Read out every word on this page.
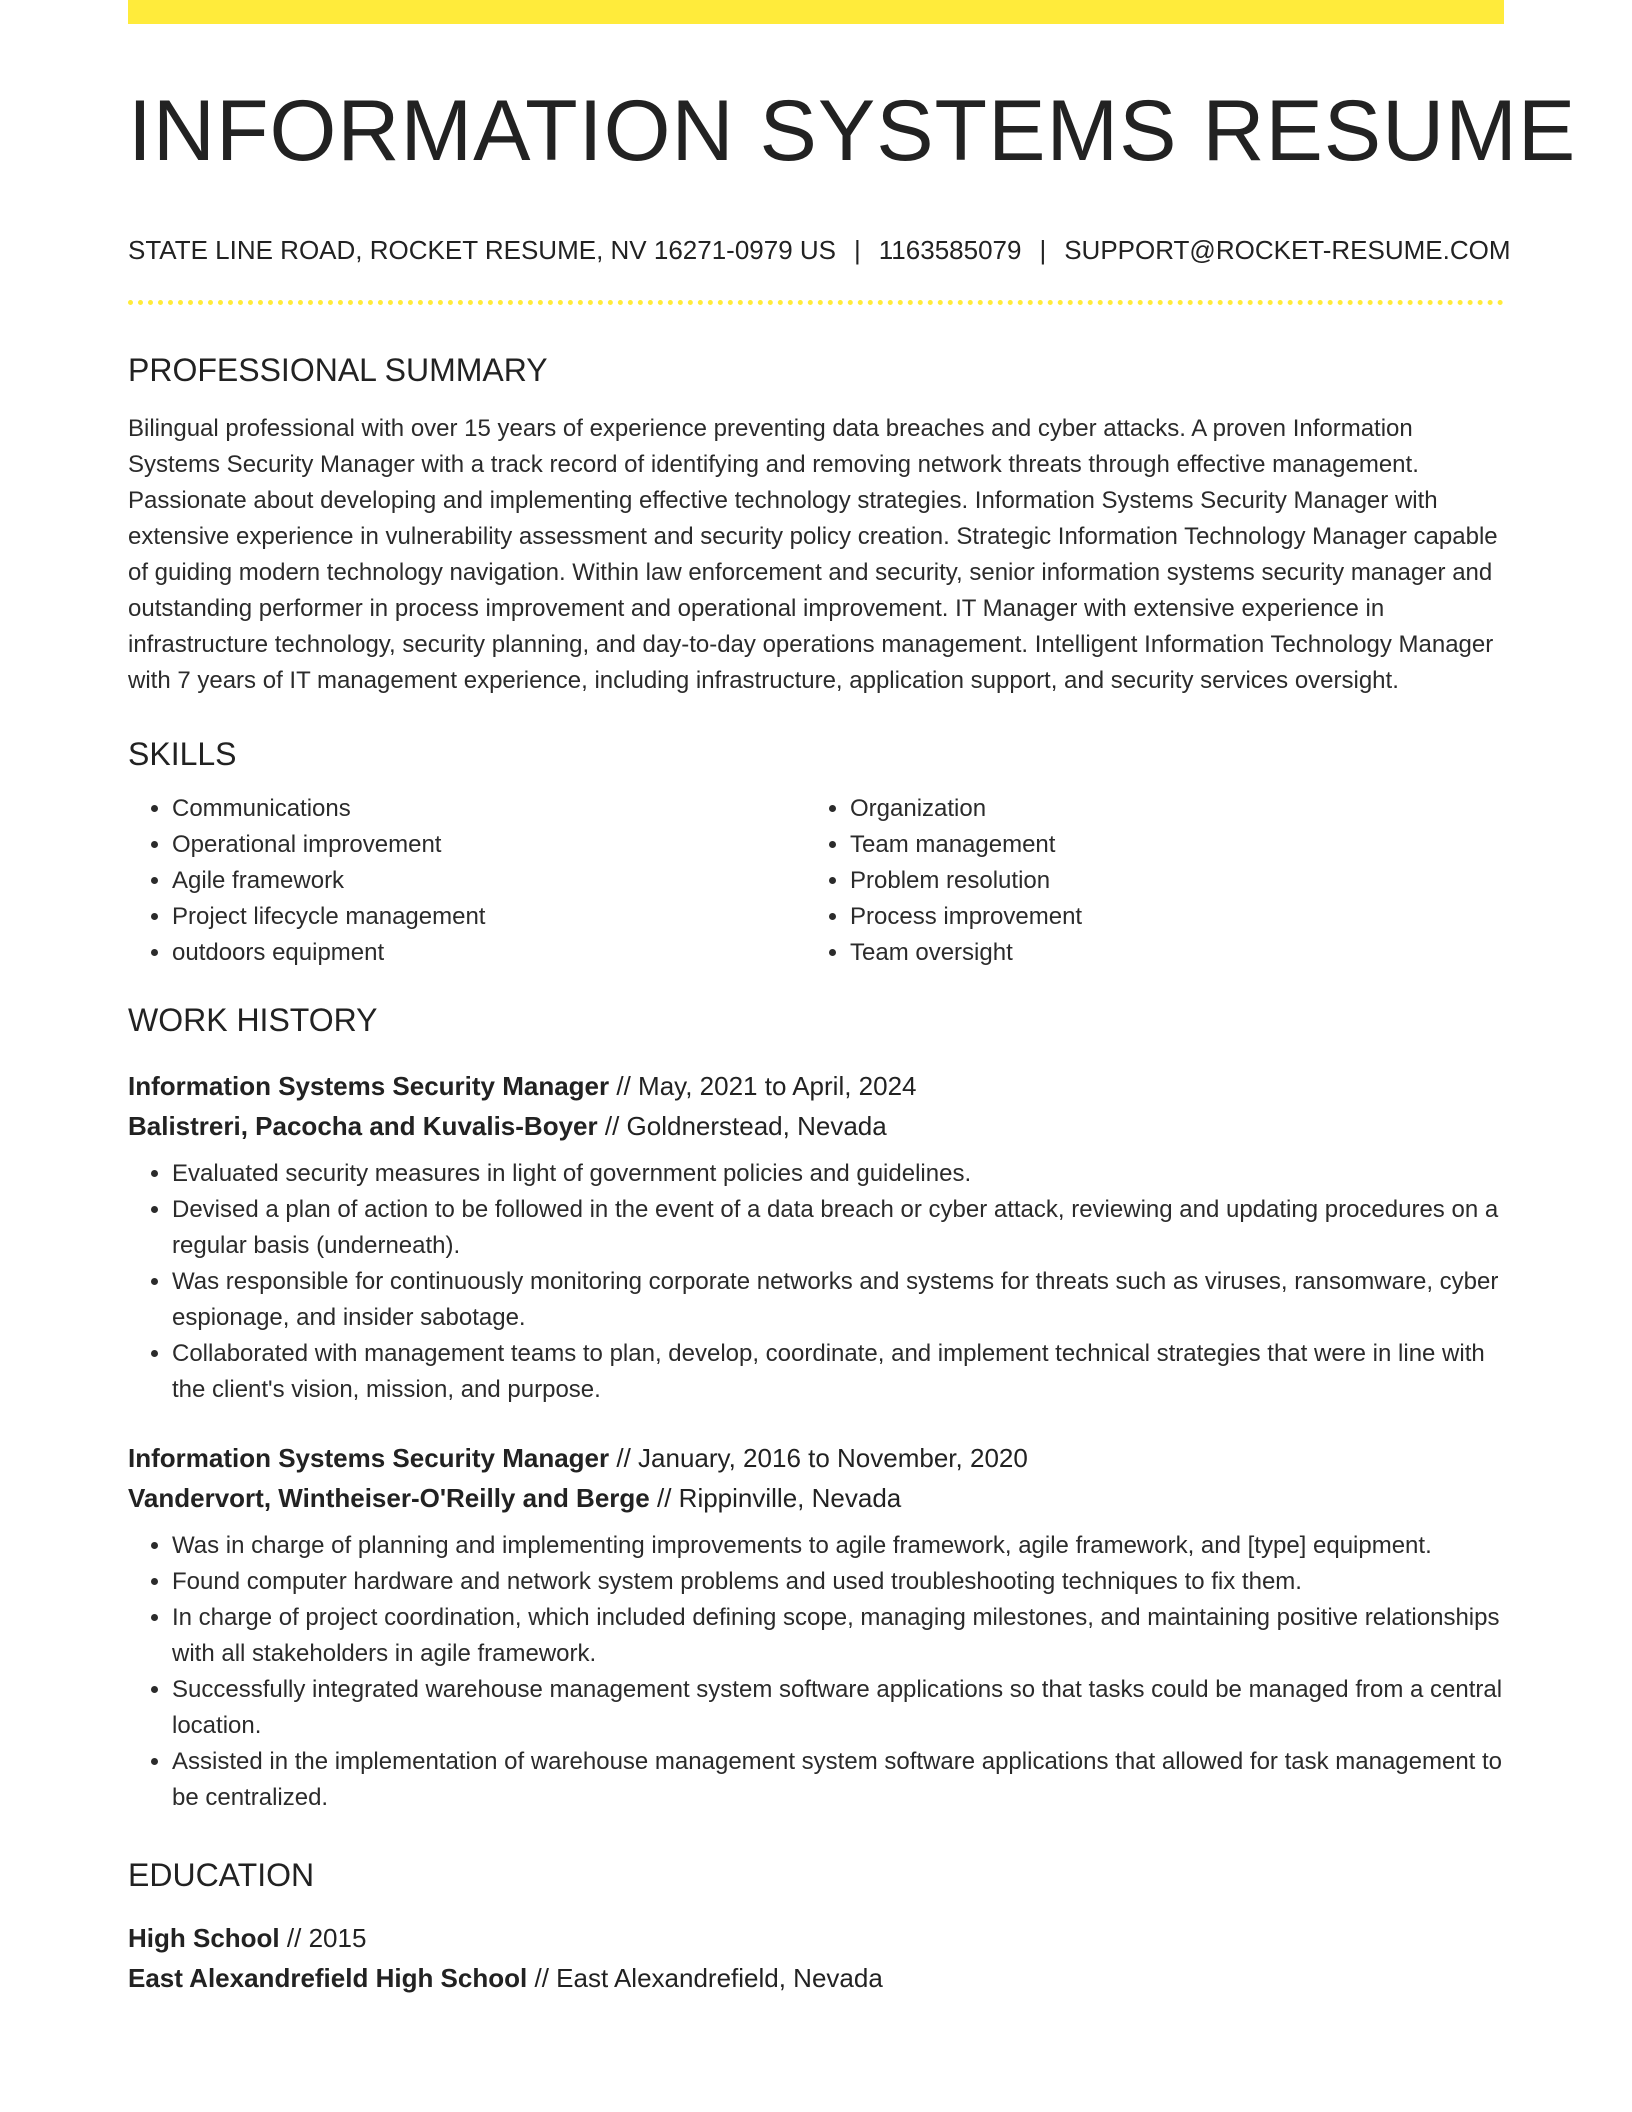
INFORMATION SYSTEMS RESUME
STATE LINE ROAD, ROCKET RESUME, NV 16271-0979 US | 1163585079 | SUPPORT@ROCKET-RESUME.COM
PROFESSIONAL SUMMARY

Bilingual professional with over 15 years of experience preventing data breaches and cyber attacks. A proven Information Systems Security Manager with a track record of identifying and removing network threats through effective management. Passionate about developing and implementing effective technology strategies. Information Systems Security Manager with extensive experience in vulnerability assessment and security policy creation. Strategic Information Technology Manager capable of guiding modern technology navigation. Within law enforcement and security, senior information systems security manager and outstanding performer in process improvement and operational improvement. IT Manager with extensive experience in infrastructure technology, security planning, and day-to-day operations management. Intelligent Information Technology Manager with 7 years of IT management experience, including infrastructure, application support, and security services oversight.

SKILLS
• Communications
• Operational improvement
• Agile framework
• Project lifecycle management
• outdoors equipment
• Organization
• Team management
• Problem resolution
• Process improvement
• Team oversight
WORK HISTORY
Information Systems Security Manager // May, 2021 to April, 2024
Balistreri, Pacocha and Kuvalis-Boyer // Goldnerstead, Nevada
• Evaluated security measures in light of government policies and guidelines.
• Devised a plan of action to be followed in the event of a data breach or cyber attack, reviewing and updating procedures on a regular basis (underneath).
• Was responsible for continuously monitoring corporate networks and systems for threats such as viruses, ransomware, cyber espionage, and insider sabotage.
• Collaborated with management teams to plan, develop, coordinate, and implement technical strategies that were in line with the client's vision, mission, and purpose.
Information Systems Security Manager // January, 2016 to November, 2020
Vandervort, Wintheiser-O'Reilly and Berge // Rippinville, Nevada
• Was in charge of planning and implementing improvements to agile framework, agile framework, and [type] equipment.
• Found computer hardware and network system problems and used troubleshooting techniques to fix them.
• In charge of project coordination, which included defining scope, managing milestones, and maintaining positive relationships with all stakeholders in agile framework.
• Successfully integrated warehouse management system software applications so that tasks could be managed from a central location.
• Assisted in the implementation of warehouse management system software applications that allowed for task management to be centralized.
EDUCATION
High School // 2015
East Alexandrefield High School // East Alexandrefield, Nevada
